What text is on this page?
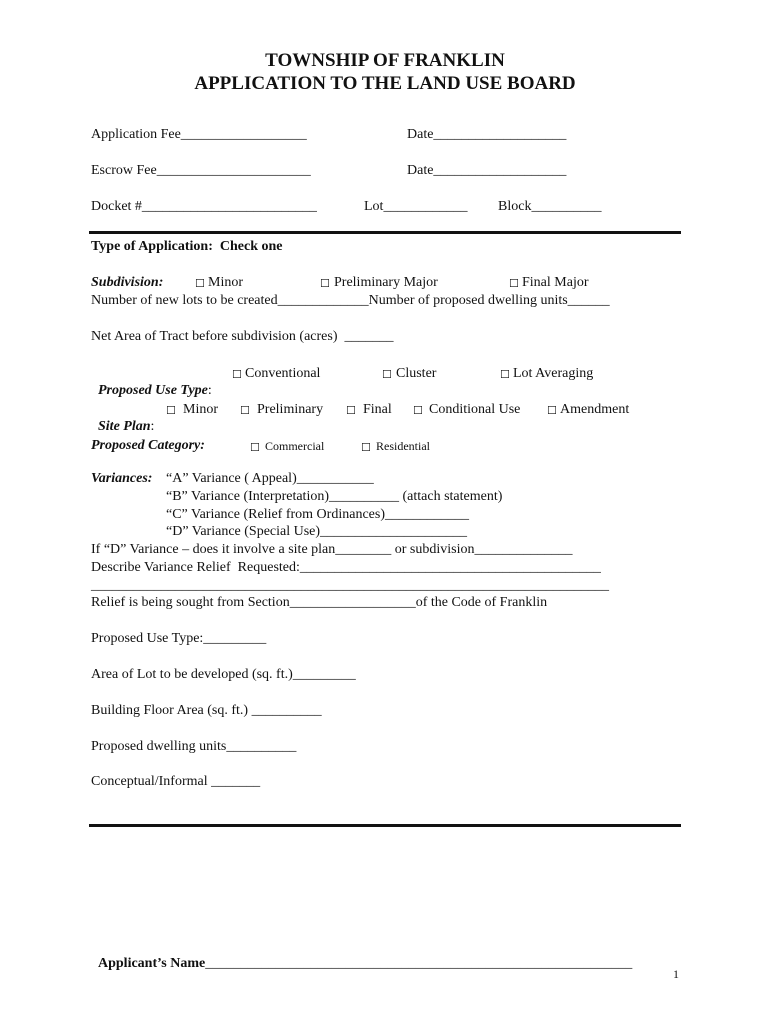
TOWNSHIP OF FRANKLIN
APPLICATION TO THE LAND USE BOARD
Application Fee__________________	Date___________________
Escrow Fee______________________	Date___________________
Docket #_________________________	Lot____________ Block__________
Type of Application:  Check one
Subdivision:	☐ Minor	☐ Preliminary Major	☐ Final Major
Number of new lots to be created_____________Number of proposed dwelling units______
Net Area of Tract before subdivision (acres)  _______

Proposed Use Type:

☐ Conventional	☐ Cluster	☐ Lot Averaging

Site Plan:

☐ Minor ☐ Preliminary ☐ Final ☐ Conditional Use ☐ Amendment
Proposed Category:	☐ Commercial	☐ Residential
Variances: “A” Variance ( Appeal)___________
“B” Variance (Interpretation)__________ (attach statement)
“C” Variance (Relief from Ordinances)____________
“D” Variance (Special Use)_____________________
If “D” Variance – does it involve a site plan________ or subdivision______________
Describe Variance Relief  Requested:___________________________________________
__________________________________________________________________________
Relief is being sought from Section__________________of the Code of Franklin
Proposed Use Type:_________
Area of Lot to be developed (sq. ft.)_________
Building Floor Area (sq. ft.) __________
Proposed dwelling units__________
Conceptual/Informal _______

Applicant’s Name_____________________________________________________________

1
